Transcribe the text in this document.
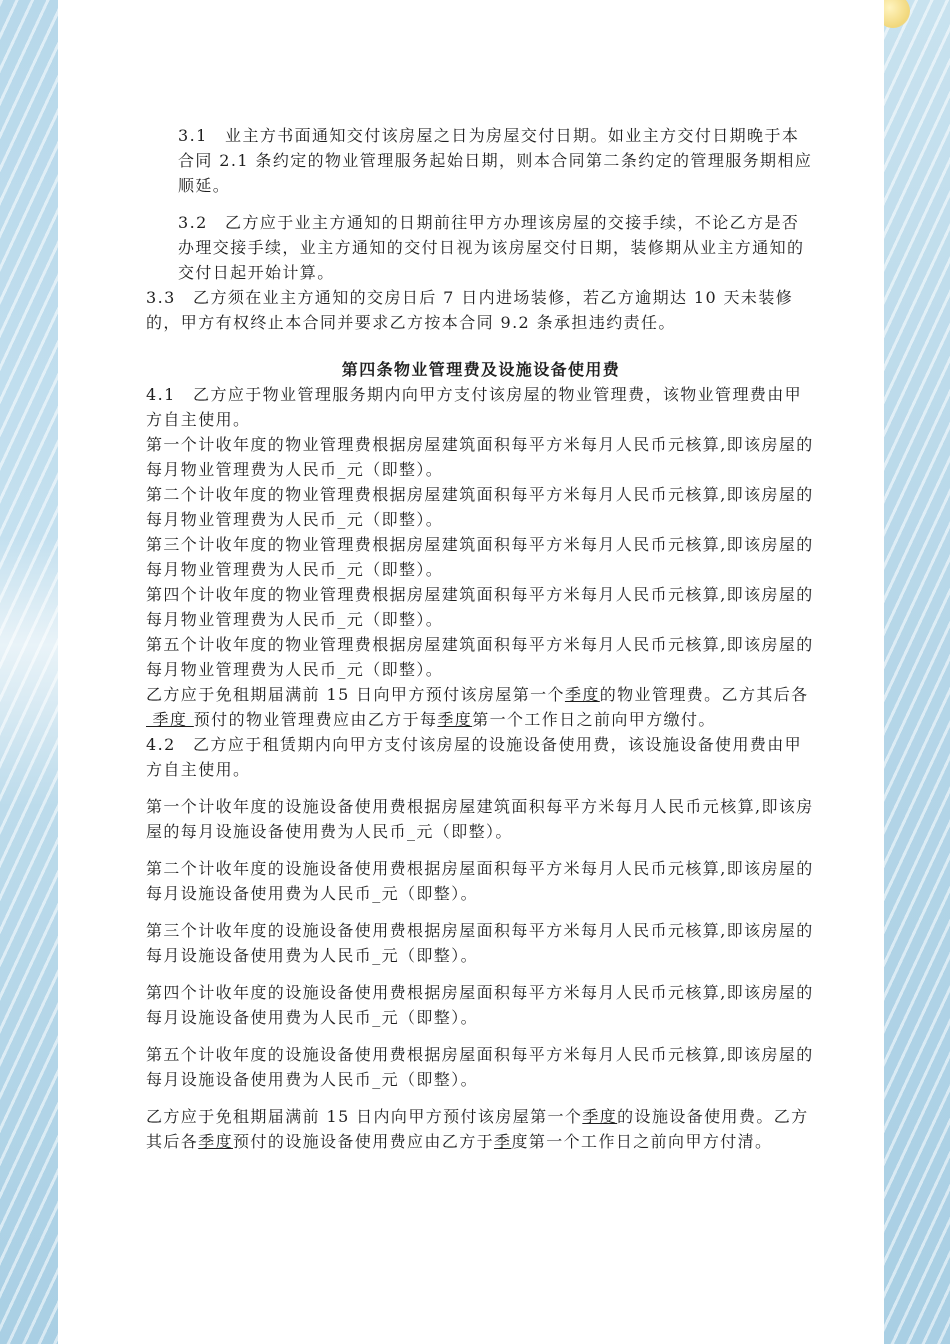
3.1　业主方书面通知交付该房屋之日为房屋交付日期。如业主方交付日期晚于本合同 2.1 条约定的物业管理服务起始日期，则本合同第二条约定的管理服务期相应顺延。

3.2　乙方应于业主方通知的日期前往甲方办理该房屋的交接手续，不论乙方是否办理交接手续，业主方通知的交付日视为该房屋交付日期，装修期从业主方通知的交付日起开始计算。

3.3　乙方须在业主方通知的交房日后 7 日内进场装修，若乙方逾期达 10 天未装修的，甲方有权终止本合同并要求乙方按本合同 9.2 条承担违约责任。

第四条物业管理费及设施设备使用费

4.1　乙方应于物业管理服务期内向甲方支付该房屋的物业管理费，该物业管理费由甲方自主使用。

第一个计收年度的物业管理费根据房屋建筑面积每平方米每月人民币元核算,即该房屋的每月物业管理费为人民币_元（即整）。

第二个计收年度的物业管理费根据房屋建筑面积每平方米每月人民币元核算,即该房屋的每月物业管理费为人民币_元（即整）。

第三个计收年度的物业管理费根据房屋建筑面积每平方米每月人民币元核算,即该房屋的每月物业管理费为人民币_元（即整）。

第四个计收年度的物业管理费根据房屋建筑面积每平方米每月人民币元核算,即该房屋的每月物业管理费为人民币_元（即整）。

第五个计收年度的物业管理费根据房屋建筑面积每平方米每月人民币元核算,即该房屋的每月物业管理费为人民币_元（即整）。

乙方应于免租期届满前 15 日向甲方预付该房屋第一个季度的物业管理费。乙方其后各 季度 预付的物业管理费应由乙方于每季度第一个工作日之前向甲方缴付。

4.2　乙方应于租赁期内向甲方支付该房屋的设施设备使用费，该设施设备使用费由甲方自主使用。

第一个计收年度的设施设备使用费根据房屋建筑面积每平方米每月人民币元核算,即该房屋的每月设施设备使用费为人民币_元（即整）。

第二个计收年度的设施设备使用费根据房屋面积每平方米每月人民币元核算,即该房屋的每月设施设备使用费为人民币_元（即整）。

第三个计收年度的设施设备使用费根据房屋面积每平方米每月人民币元核算,即该房屋的每月设施设备使用费为人民币_元（即整）。

第四个计收年度的设施设备使用费根据房屋面积每平方米每月人民币元核算,即该房屋的每月设施设备使用费为人民币_元（即整）。

第五个计收年度的设施设备使用费根据房屋面积每平方米每月人民币元核算,即该房屋的每月设施设备使用费为人民币_元（即整）。

乙方应于免租期届满前 15 日内向甲方预付该房屋第一个季度的设施设备使用费。乙方其后各季度预付的设施设备使用费应由乙方于季度第一个工作日之前向甲方付清。
